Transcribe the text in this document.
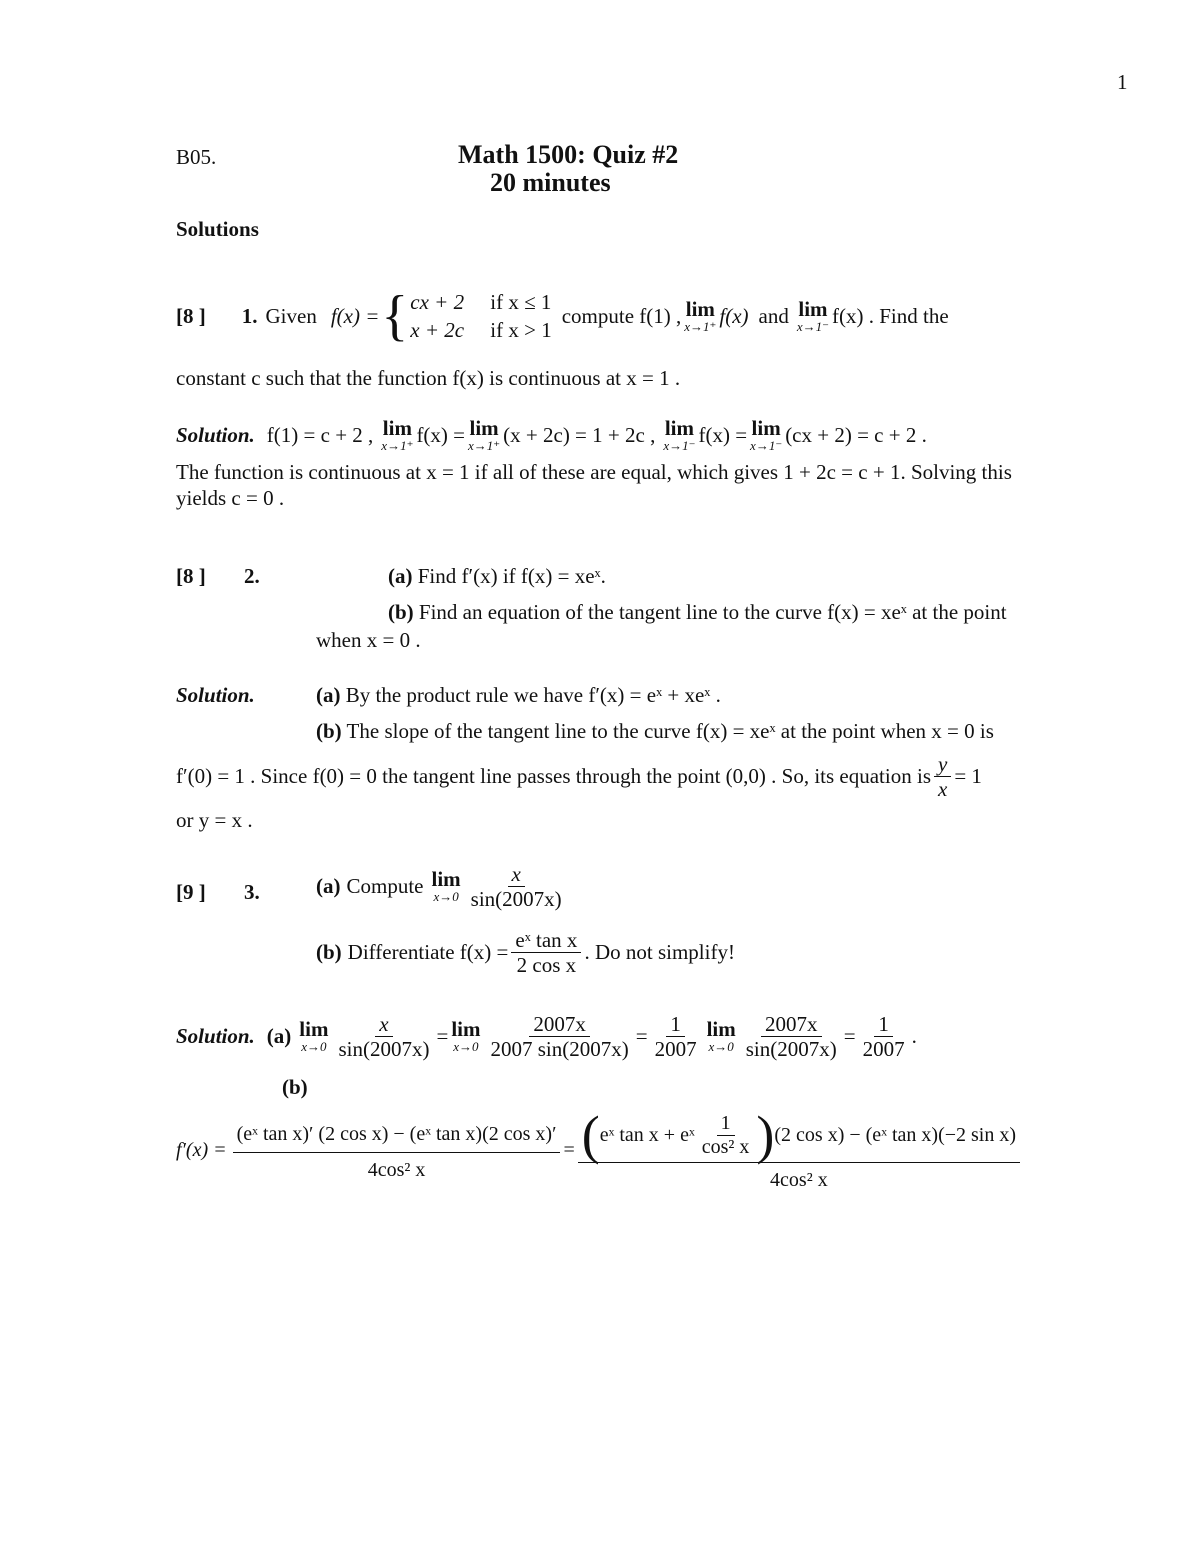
1
B05.	Math 1500: Quiz #2
20 minutes
Solutions
[8 ] 1. Given f(x) = { cx + 2 if x ≤ 1
x + 2c if x > 1
compute f(1) , lim
x→1⁺ f(x) and lim
x→1⁻ f(x) . Find the
constant c such that the function f(x) is continuous at x = 1 .
Solution. f(1) = c + 2 , lim
x→1⁺ f(x) = lim
x→1⁺ (x + 2c) = 1 + 2c , lim
x→1⁻ f(x) = lim
x→1⁻ (cx + 2) = c + 2 .
The function is continuous at x = 1 if all of these are equal, which gives 1 + 2c = c + 1. Solving this
yields c = 0 .
[8 ] 2.	(a) Find f′(x) if f(x) = xeˣ.
(b) Find an equation of the tangent line to the curve f(x) = xeˣ at the point
when x = 0 .
Solution.	(a) By the product rule we have f′(x) = eˣ + xeˣ .
(b) The slope of the tangent line to the curve f(x) = xeˣ at the point when x = 0 is
f′(0) = 1 . Since f(0) = 0 the tangent line passes through the point (0,0) . So, its equation is $\frac{y}{x} = 1$
or y = x .
[9 ] 3.	(a) Compute lim
$x\to 0 \frac{x}{\sin(2007x)}$
(b) Differentiate $f(x) = \frac{\text{eˣ tan x}}{\text{2 cos x}}$ . Do not simplify!
Solution. (a) lim
$x\to 0 \frac{x}{\sin(2007x)} = \lim$
$x\to 0 \frac{2007x}{2007 \sin(2007x)} = \frac{1}{2007}$ lim
$x\to 0 \frac{2007x}{\sin(2007x)} = \frac{1}{2007}$ .
(b)
$f'(x) = \frac{\text{(eˣ tan x)′ (2 cos x) − (eˣ tan x)(2 cos x)′}}{\text{4cos² x}}$ = ( eˣ tan x + eˣ $\frac{1}{\text{cos² x}}$ ) (2 cos x) − (eˣ tan x)(−2 sin x)
4cos² x
